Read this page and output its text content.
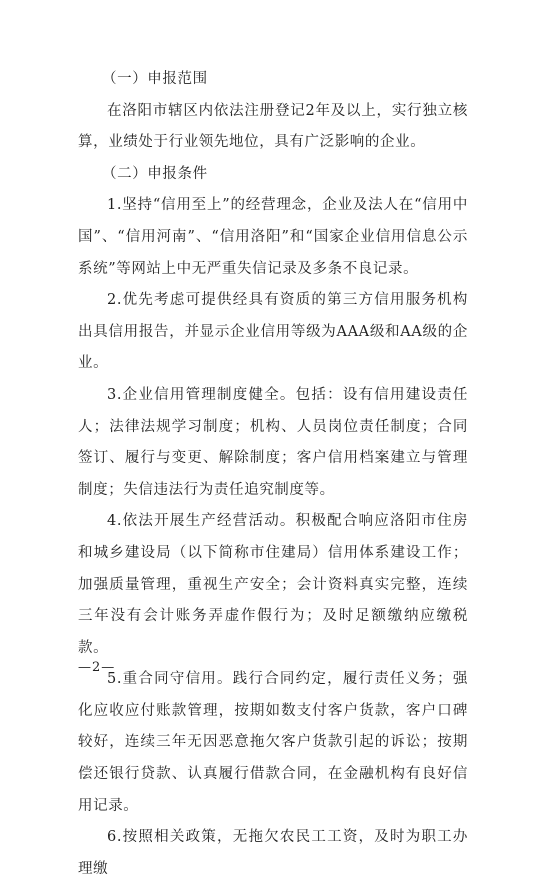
（一）申报范围

在洛阳市辖区内依法注册登记2年及以上，实行独立核算，业绩处于行业领先地位，具有广泛影响的企业。

（二）申报条件

1.坚持“信用至上”的经营理念，企业及法人在“信用中国”、“信用河南”、“信用洛阳”和“国家企业信用信息公示系统”等网站上中无严重失信记录及多条不良记录。

2.优先考虑可提供经具有资质的第三方信用服务机构出具信用报告，并显示企业信用等级为AAA级和AA级的企业。

3.企业信用管理制度健全。包括：设有信用建设责任人；法律法规学习制度；机构、人员岗位责任制度；合同签订、履行与变更、解除制度；客户信用档案建立与管理制度；失信违法行为责任追究制度等。

4.依法开展生产经营活动。积极配合响应洛阳市住房和城乡建设局（以下简称市住建局）信用体系建设工作；加强质量管理，重视生产安全；会计资料真实完整，连续三年没有会计账务弄虚作假行为；及时足额缴纳应缴税款。

5.重合同守信用。践行合同约定，履行责任义务；强化应收应付账款管理，按期如数支付客户货款，客户口碑较好，连续三年无因恶意拖欠客户货款引起的诉讼；按期偿还银行贷款、认真履行借款合同，在金融机构有良好信用记录。

6.按照相关政策，无拖欠农民工工资，及时为职工办理缴

—2—
